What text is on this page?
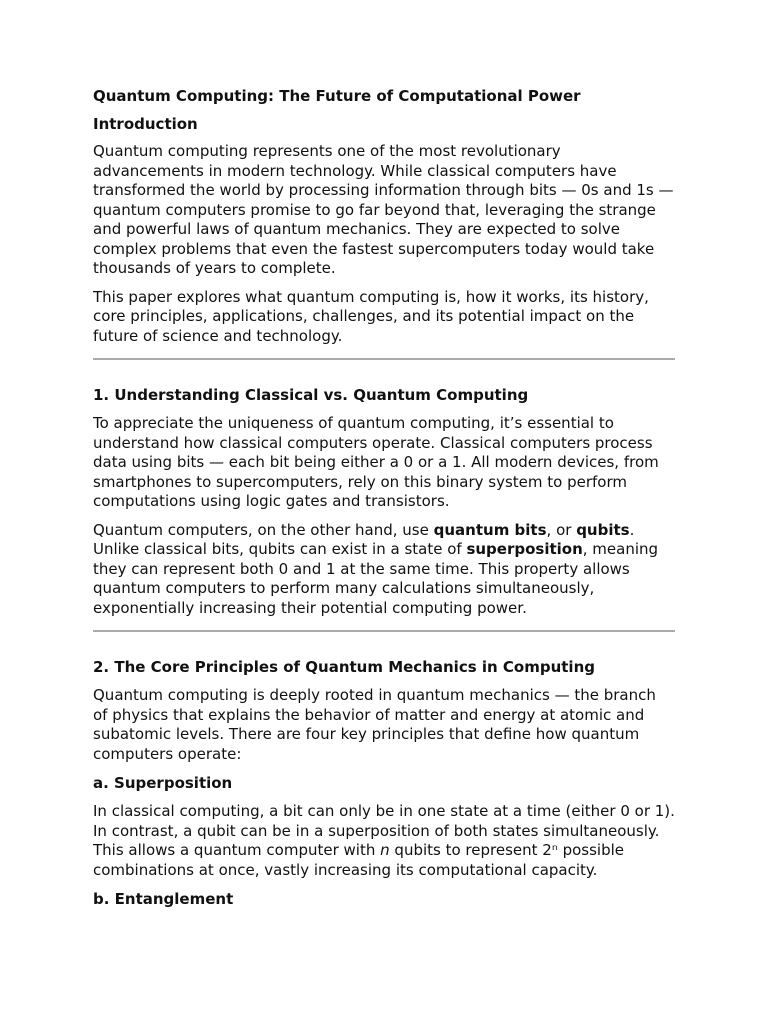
Quantum Computing: The Future of Computational Power
Introduction

Quantum computing represents one of the most revolutionary advancements in modern technology. While classical computers have transformed the world by processing information through bits — 0s and 1s — quantum computers promise to go far beyond that, leveraging the strange and powerful laws of quantum mechanics. They are expected to solve complex problems that even the fastest supercomputers today would take thousands of years to complete.

This paper explores what quantum computing is, how it works, its history, core principles, applications, challenges, and its potential impact on the future of science and technology.

1. Understanding Classical vs. Quantum Computing

To appreciate the uniqueness of quantum computing, it’s essential to understand how classical computers operate. Classical computers process data using bits — each bit being either a 0 or a 1. All modern devices, from smartphones to supercomputers, rely on this binary system to perform computations using logic gates and transistors.

Quantum computers, on the other hand, use quantum bits, or qubits. Unlike classical bits, qubits can exist in a state of superposition, meaning they can represent both 0 and 1 at the same time. This property allows quantum computers to perform many calculations simultaneously, exponentially increasing their potential computing power.

2. The Core Principles of Quantum Mechanics in Computing

Quantum computing is deeply rooted in quantum mechanics — the branch of physics that explains the behavior of matter and energy at atomic and subatomic levels. There are four key principles that define how quantum computers operate:

a. Superposition

In classical computing, a bit can only be in one state at a time (either 0 or 1). In contrast, a qubit can be in a superposition of both states simultaneously. This allows a quantum computer with n qubits to represent 2ⁿ possible combinations at once, vastly increasing its computational capacity.

b. Entanglement
